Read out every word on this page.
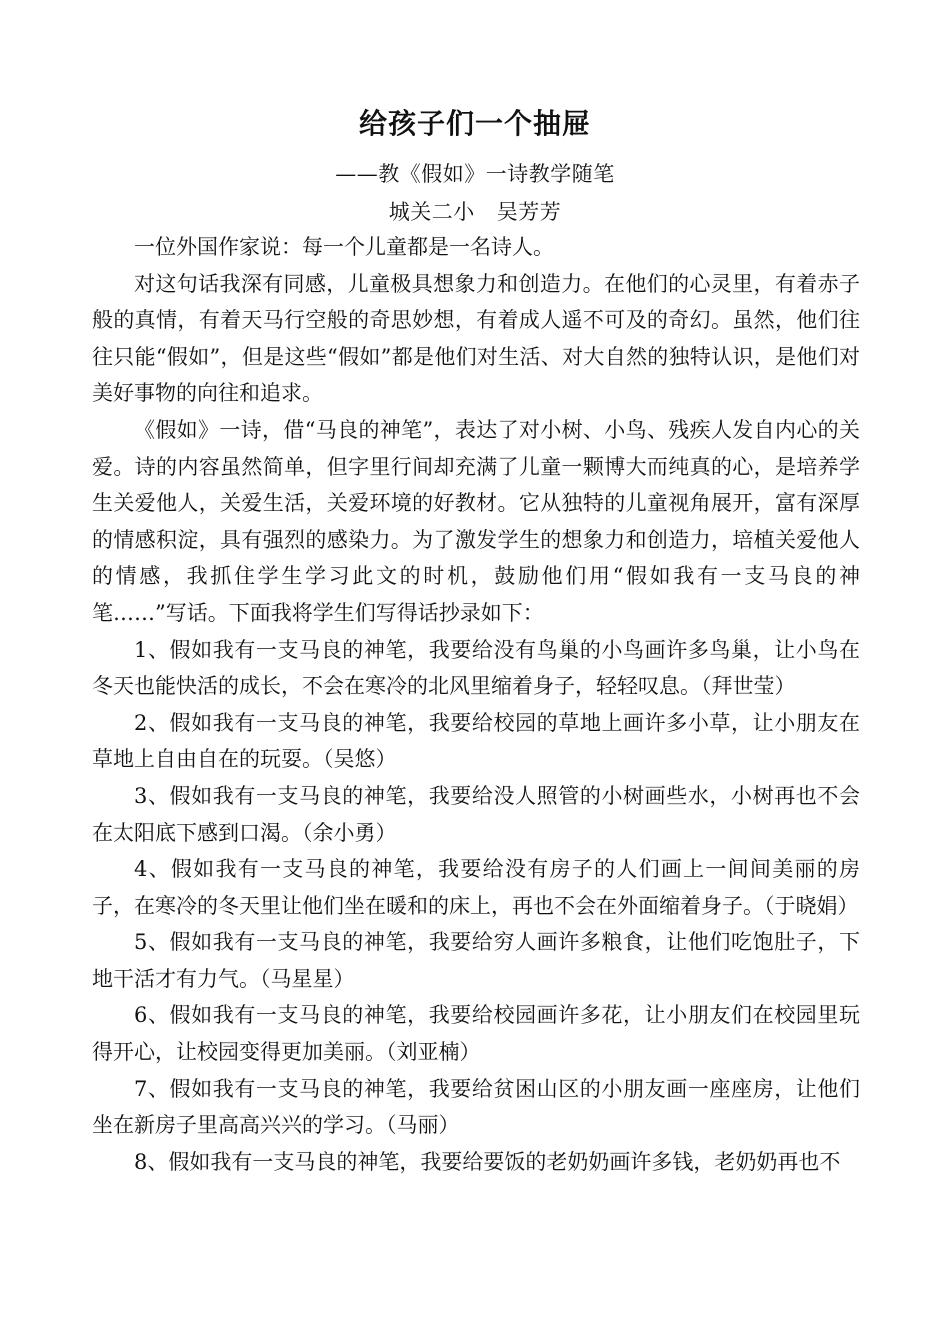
给孩子们一个抽屉
——教《假如》一诗教学随笔
城关二小 吴芳芳

一位外国作家说：每一个儿童都是一名诗人。

对这句话我深有同感，儿童极具想象力和创造力。在他们的心灵里，有着赤子般的真情，有着天马行空般的奇思妙想，有着成人遥不可及的奇幻。虽然，他们往往只能“假如”，但是这些“假如”都是他们对生活、对大自然的独特认识，是他们对美好事物的向往和追求。

《假如》一诗，借“马良的神笔”，表达了对小树、小鸟、残疾人发自内心的关爱。诗的内容虽然简单，但字里行间却充满了儿童一颗博大而纯真的心，是培养学生关爱他人，关爱生活，关爱环境的好教材。它从独特的儿童视角展开，富有深厚的情感积淀，具有强烈的感染力。为了激发学生的想象力和创造力，培植关爱他人的情感，我抓住学生学习此文的时机，鼓励他们用“假如我有一支马良的神笔……”写话。下面我将学生们写得话抄录如下：

1、假如我有一支马良的神笔，我要给没有鸟巢的小鸟画许多鸟巢，让小鸟在冬天也能快活的成长，不会在寒冷的北风里缩着身子，轻轻叹息。（拜世莹）

2、假如我有一支马良的神笔，我要给校园的草地上画许多小草，让小朋友在草地上自由自在的玩耍。（吴悠）

3、假如我有一支马良的神笔，我要给没人照管的小树画些水，小树再也不会在太阳底下感到口渴。（余小勇）

4、假如我有一支马良的神笔，我要给没有房子的人们画上一间间美丽的房子，在寒冷的冬天里让他们坐在暖和的床上，再也不会在外面缩着身子。（于晓娟）

5、假如我有一支马良的神笔，我要给穷人画许多粮食，让他们吃饱肚子，下地干活才有力气。（马星星）

6、假如我有一支马良的神笔，我要给校园画许多花，让小朋友们在校园里玩得开心，让校园变得更加美丽。（刘亚楠）

7、假如我有一支马良的神笔，我要给贫困山区的小朋友画一座座房，让他们坐在新房子里高高兴兴的学习。（马丽）

8、假如我有一支马良的神笔，我要给要饭的老奶奶画许多钱，老奶奶再也不
